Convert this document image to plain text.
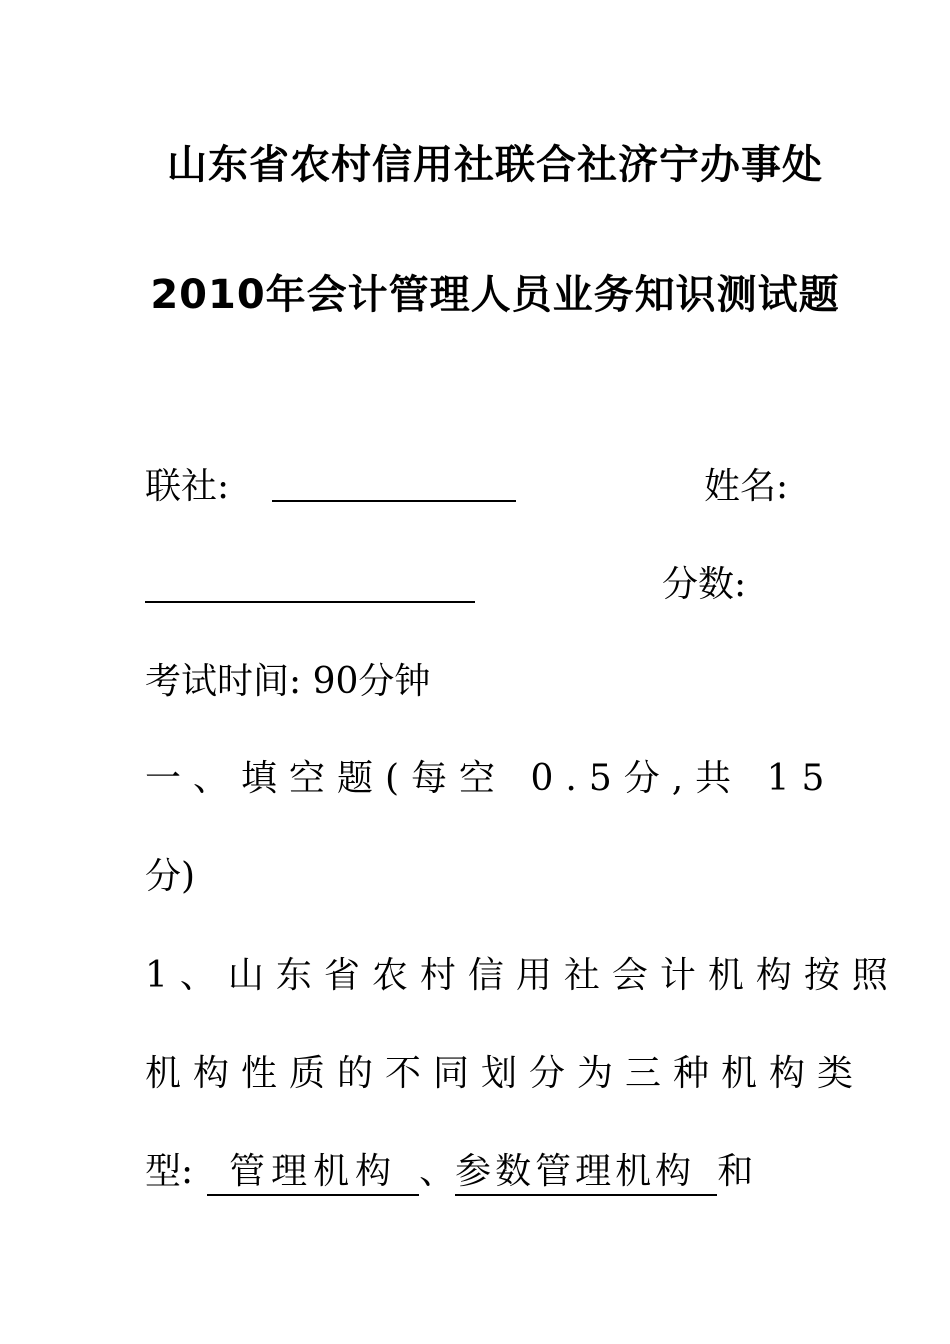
山东省农村信用社联合社济宁办事处
2010年会计管理人员业务知识测试题
联社:	姓名:
分数:
考试时间: 90分钟
一、填空题(每空 0.5分,共 15
分)
1、山东省农村信用社会计机构按照
机构性质的不同划分为三种机构类
型: 管理机构 、参数管理机构 和
